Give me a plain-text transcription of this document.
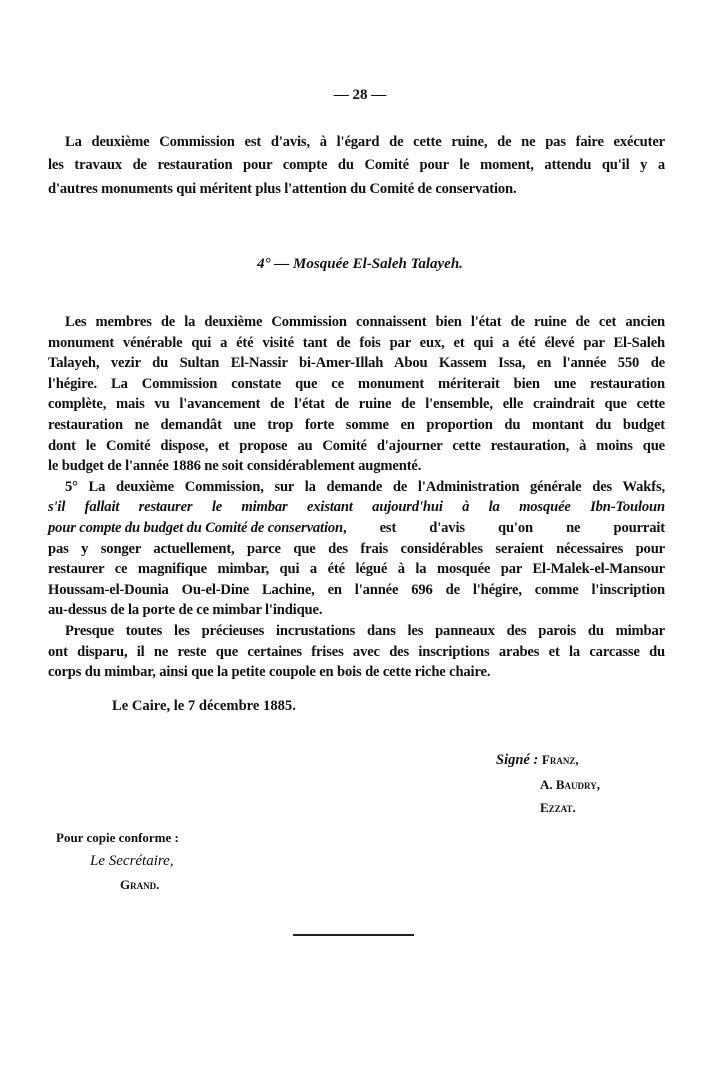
— 28 —
La deuxième Commission est d'avis, à l'égard de cette ruine, de ne pas faire exécuter
les travaux de restauration pour compte du Comité pour le moment, attendu qu'il y a
d'autres monuments qui méritent plus l'attention du Comité de conservation.
4° — Mosquée El-Saleh Talayeh.
Les membres de la deuxième Commission connaissent bien l'état de ruine de cet ancien
monument vénérable qui a été visité tant de fois par eux, et qui a été élevé par El-Saleh
Talayeh, vezir du Sultan El-Nassir bi-Amer-Illah Abou Kassem Issa, en l'année 550 de
l'hégire. La Commission constate que ce monument mériterait bien une restauration
complète, mais vu l'avancement de l'état de ruine de l'ensemble, elle craindrait que cette
restauration ne demandât une trop forte somme en proportion du montant du budget
dont le Comité dispose, et propose au Comité d'ajourner cette restauration, à moins que
le budget de l'année 1886 ne soit considérablement augmenté.
5° La deuxième Commission, sur la demande de l'Administration générale des Wakfs,
s'il fallait restaurer le mimbar existant aujourd'hui à la mosquée Ibn-Touloun
pour compte du budget du Comité de conservation , est d'avis qu'on ne pourrait
pas y songer actuellement, parce que des frais considérables seraient nécessaires pour
restaurer ce magnifique mimbar, qui a été légué à la mosquée par El-Malek-el-Mansour
Houssam-el-Dounia Ou-el-Dine Lachine, en l'année 696 de l'hégire, comme l'inscription
au-dessus de la porte de ce mimbar l'indique.
Presque toutes les précieuses incrustations dans les panneaux des parois du mimbar
ont disparu, il ne reste que certaines frises avec des inscriptions arabes et la carcasse du
corps du mimbar, ainsi que la petite coupole en bois de cette riche chaire.
Le Caire, le 7 décembre 1885.
Signé : Franz,
A. Baudry,
Ezzat.
Pour copie conforme :
Le Secrétaire,
Grand.
